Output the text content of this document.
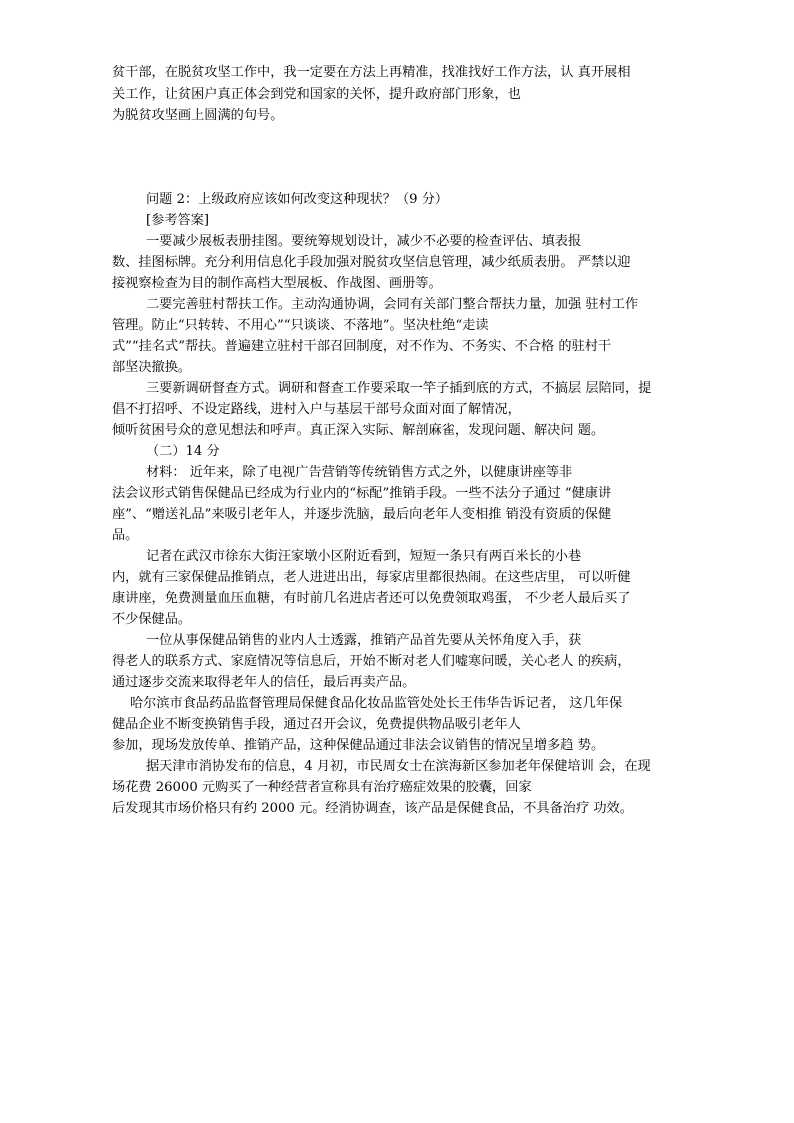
贫干部，在脱贫攻坚工作中，我一定要在方法上再精准，找准找好工作方法，认 真开展相
关工作，让贫困户真正体会到党和国家的关怀，提升政府部门形象，也
为脱贫攻坚画上圆满的句号。
问题 2：上级政府应该如何改变这种现状？（9 分）
[参考答案]
一要减少展板表册挂图。要统筹规划设计，减少不必要的检查评估、填表报
数、挂图标牌。充分利用信息化手段加强对脱贫攻坚信息管理，减少纸质表册。 严禁以迎
接视察检查为目的制作高档大型展板、作战图、画册等。
二要完善驻村帮扶工作。主动沟通协调，会同有关部门整合帮扶力量，加强 驻村工作
管理。防止“只转转、不用心”“只谈谈、不落地”。坚决杜绝“走读
式”“挂名式”帮扶。普遍建立驻村干部召回制度，对不作为、不务实、不合格 的驻村干
部坚决撤换。
三要新调研督查方式。调研和督查工作要采取一竿子插到底的方式，不搞层 层陪同，提
倡不打招呼、不设定路线，进村入户与基层干部号众面对面了解情况，
倾听贫困号众的意见想法和呼声。真正深入实际、解剖麻雀，发现问题、解决问 题。
（二）14 分
材料： 近年来，除了电视广告营销等传统销售方式之外，以健康讲座等非
法会议形式销售保健品已经成为行业内的“标配”推销手段。一些不法分子通过 “健康讲
座”、“赠送礼品”来吸引老年人，并逐步洗脑，最后向老年人变相推 销没有资质的保健
品。
记者在武汉市徐东大街汪家墩小区附近看到，短短一条只有两百米长的小巷
内，就有三家保健品推销点，老人进进出出，每家店里都很热闹。在这些店里， 可以听健
康讲座，免费测量血压血糖，有时前几名进店者还可以免费领取鸡蛋， 不少老人最后买了
不少保健品。
一位从事保健品销售的业内人士透露，推销产品首先要从关怀角度入手，获
得老人的联系方式、家庭情况等信息后，开始不断对老人们嘘寒问暖，关心老人 的疾病，
通过逐步交流来取得老年人的信任，最后再卖产品。
哈尔滨市食品药品监督管理局保健食品化妆品监管处处长王伟华告诉记者， 这几年保
健品企业不断变换销售手段，通过召开会议，免费提供物品吸引老年人
参加，现场发放传单、推销产品，这种保健品通过非法会议销售的情况呈增多趋 势。
据天津市消协发布的信息，4 月初，市民周女士在滨海新区参加老年保健培训 会，在现
场花费 26000 元购买了一种经营者宣称具有治疗癌症效果的胶囊，回家
后发现其市场价格只有约 2000 元。经消协调查，该产品是保健食品，不具备治疗 功效。
